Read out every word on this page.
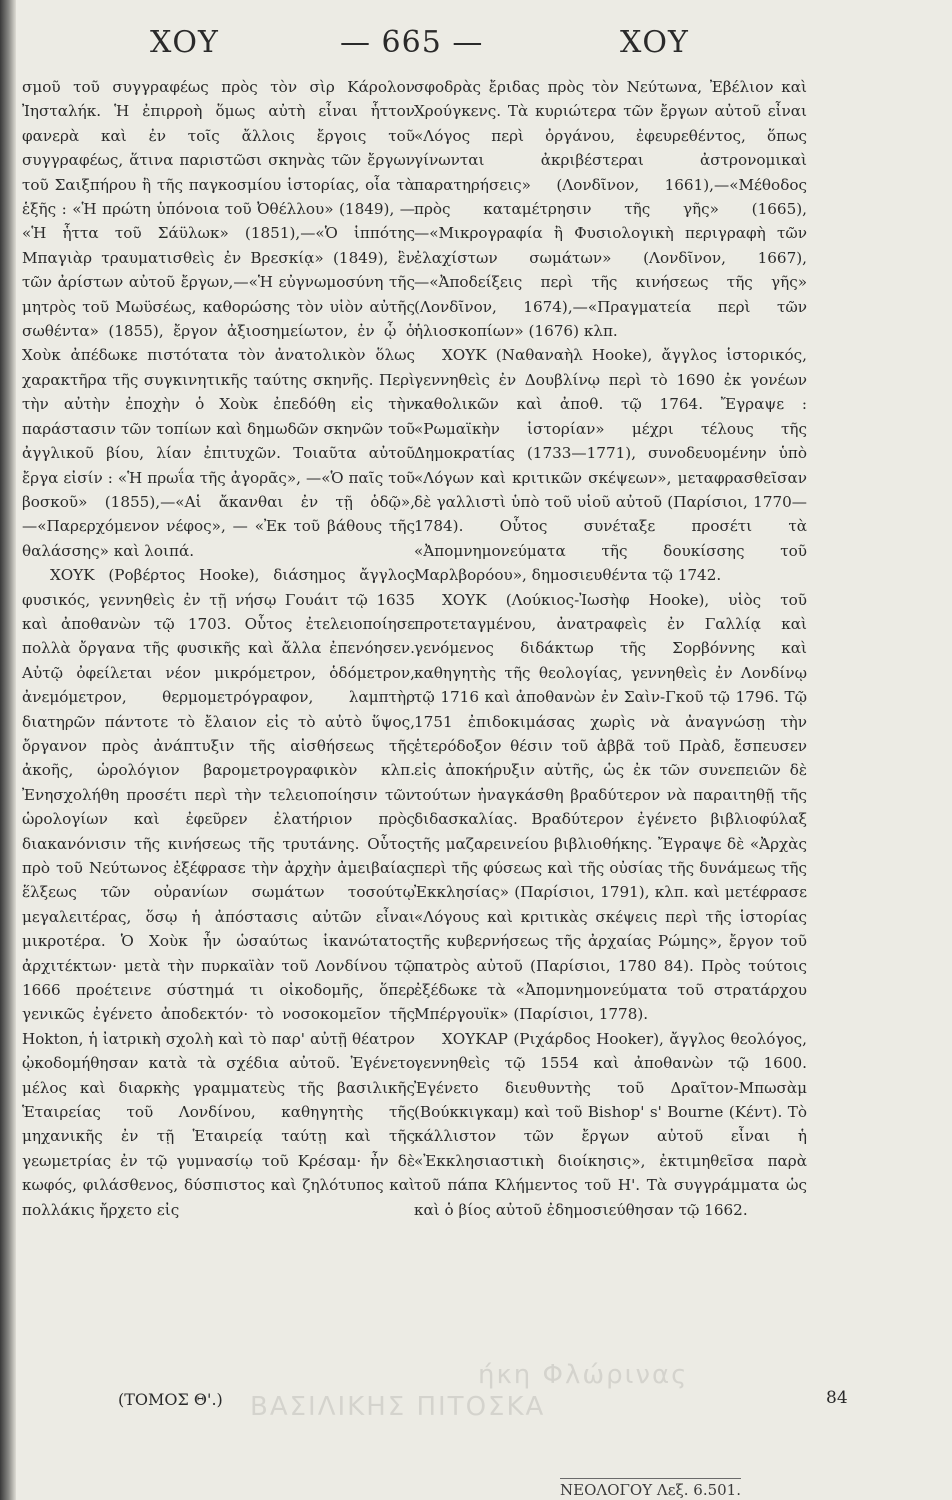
ΧΟΥ	— 665 —	ΧΟΥ

σμοῦ τοῦ συγγραφέως πρὸς τὸν σὶρ Κάρολον Ἰησταλήκ. Ἡ ἐπιρροὴ ὅμως αὐτὴ εἶναι ἧττον φανερὰ καὶ ἐν τοῖς ἄλλοις ἔργοις τοῦ συγγραφέως, ἅτινα παριστῶσι σκηνὰς τῶν ἔργων τοῦ Σαιξπήρου ἢ τῆς παγκοσμίου ἱστορίας, οἷα τὰ ἑξῆς : «Ἡ πρώτη ὑπόνοια τοῦ Ὀθέλλου» (1849), — «Ἡ ἧττα τοῦ Σάϋλωκ» (1851),—«Ὁ ἱππότης Μπαγιὰρ τραυματισθεὶς ἐν Βρεσκίᾳ» (1849), ἓν τῶν ἀρίστων αὐτοῦ ἔργων,—«Ἡ εὐγνωμοσύνη τῆς μητρὸς τοῦ Μωϋσέως, καθορώσης τὸν υἱὸν αὐτῆς σωθέντα» (1855), ἔργον ἀξιοσημείωτον, ἐν ᾧ ὁ Χοὺκ ἀπέδωκε πιστότατα τὸν ἀνατολικὸν ὅλως χαρακτῆρα τῆς συγκινητικῆς ταύτης σκηνῆς. Περὶ τὴν αὐτὴν ἐποχὴν ὁ Χοὺκ ἐπεδόθη εἰς τὴν παράστασιν τῶν τοπίων καὶ δημωδῶν σκηνῶν τοῦ ἀγγλικοῦ βίου, λίαν ἐπιτυχῶν. Τοιαῦτα αὐτοῦ ἔργα εἰσίν : «Ἡ πρωΐα τῆς ἀγορᾶς», —«Ὁ παῖς τοῦ βοσκοῦ» (1855),—«Αἱ ἄκανθαι ἐν τῇ ὁδῷ»,—«Παρερχόμενον νέφος», — «Ἐκ τοῦ βάθους τῆς θαλάσσης» καὶ λοιπά.

ΧΟΥΚ (Ροβέρτος Hooke), διάσημος ἄγγλος φυσικός, γεννηθεὶς ἐν τῇ νήσῳ Γουάιτ τῷ 1635 καὶ ἀποθανὼν τῷ 1703. Οὗτος ἐτελειοποίησε πολλὰ ὄργανα τῆς φυσικῆς καὶ ἄλλα ἐπενόησεν. Αὐτῷ ὀφείλεται νέον μικρόμετρον, ὁδόμετρον, ἀνεμόμετρον, θερμομετρόγραφον, λαμπτὴρ διατηρῶν πάντοτε τὸ ἔλαιον εἰς τὸ αὐτὸ ὕψος, ὄργανον πρὸς ἀνάπτυξιν τῆς αἰσθήσεως τῆς ἀκοῆς, ὡρολόγιον βαρομετρογραφικὸν κλπ. Ἐνησχολήθη προσέτι περὶ τὴν τελειοποίησιν τῶν ὡρολογίων καὶ ἐφεῦρεν ἐλατήριον πρὸς διακανόνισιν τῆς κινήσεως τῆς τρυτάνης. Οὗτος πρὸ τοῦ Νεύτωνος ἐξέφρασε τὴν ἀρχὴν ἀμειβαίας ἕλξεως τῶν οὐρανίων σωμάτων τοσούτῳ μεγαλειτέρας, ὅσῳ ἡ ἀπόστασις αὐτῶν εἶναι μικροτέρα. Ὁ Χοὺκ ἦν ὡσαύτως ἱκανώτατος ἀρχιτέκτων· μετὰ τὴν πυρκαϊὰν τοῦ Λονδίνου τῷ 1666 προέτεινε σύστημά τι οἰκοδομῆς, ὅπερ γενικῶς ἐγένετο ἀποδεκτόν· τὸ νοσοκομεῖον τῆς Hokton, ἡ ἰατρικὴ σχολὴ καὶ τὸ παρ' αὐτῇ θέατρον ᾠκοδομήθησαν κατὰ τὰ σχέδια αὐτοῦ. Ἐγένετο μέλος καὶ διαρκὴς γραμματεὺς τῆς βασιλικῆς Ἑταιρείας τοῦ Λονδίνου, καθηγητὴς τῆς μηχανικῆς ἐν τῇ Ἑταιρείᾳ ταύτῃ καὶ τῆς γεωμετρίας ἐν τῷ γυμνασίῳ τοῦ Κρέσαμ· ἦν δὲ κωφός, φιλάσθενος, δύσπιστος καὶ ζηλότυπος καὶ πολλάκις ἤρχετο εἰς

σφοδρὰς ἔριδας πρὸς τὸν Νεύτωνα, Ἐβέλιον καὶ Χρούγκενς. Τὰ κυριώτερα τῶν ἔργων αὐτοῦ εἶναι «Λόγος περὶ ὀργάνου, ἐφευρεθέντος, ὅπως γίνωνται ἀκριβέστεραι ἀστρονομικαὶ παρατηρήσεις» (Λονδῖνον, 1661),—«Μέθοδος πρὸς καταμέτρησιν τῆς γῆς» (1665),—«Μικρογραφία ἢ Φυσιολογικὴ περιγραφὴ τῶν ἐλαχίστων σωμάτων» (Λονδῖνον, 1667),—«Ἀποδείξεις περὶ τῆς κινήσεως τῆς γῆς» (Λονδῖνον, 1674),—«Πραγματεία περὶ τῶν ἡλιοσκοπίων» (1676) κλπ.

ΧΟΥΚ (Ναθαναὴλ Hooke), ἄγγλος ἱστορικός, γεννηθεὶς ἐν Δουβλίνῳ περὶ τὸ 1690 ἐκ γονέων καθολικῶν καὶ ἀποθ. τῷ 1764. Ἔγραψε : «Ρωμαϊκὴν ἱστορίαν» μέχρι τέλους τῆς Δημοκρατίας (1733—1771), συνοδευομένην ὑπὸ «Λόγων καὶ κριτικῶν σκέψεων», μεταφρασθεῖσαν δὲ γαλλιστὶ ὑπὸ τοῦ υἱοῦ αὐτοῦ (Παρίσιοι, 1770—1784). Οὗτος συνέταξε προσέτι τὰ «Ἀπομνημονεύματα τῆς δουκίσσης τοῦ Μαρλβορόου», δημοσιευθέντα τῷ 1742.

ΧΟΥΚ (Λούκιος-Ἰωσὴφ Hooke), υἱὸς τοῦ προτεταγμένου, ἀνατραφεὶς ἐν Γαλλίᾳ καὶ γενόμενος διδάκτωρ τῆς Σορβόννης καὶ καθηγητὴς τῆς θεολογίας, γεννηθεὶς ἐν Λονδίνῳ τῷ 1716 καὶ ἀποθανὼν ἐν Σαὶν-Γκοῦ τῷ 1796. Τῷ 1751 ἐπιδοκιμάσας χωρὶς νὰ ἀναγνώσῃ τὴν ἑτερόδοξον θέσιν τοῦ ἀββᾶ τοῦ Πρὰδ, ἔσπευσεν εἰς ἀποκήρυξιν αὐτῆς, ὡς ἐκ τῶν συνεπειῶν δὲ τούτων ἠναγκάσθη βραδύτερον νὰ παραιτηθῇ τῆς διδασκαλίας. Βραδύτερον ἐγένετο βιβλιοφύλαξ τῆς μαζαρεινείου βιβλιοθήκης. Ἔγραψε δὲ «Ἀρχὰς περὶ τῆς φύσεως καὶ τῆς οὐσίας τῆς δυνάμεως τῆς Ἐκκλησίας» (Παρίσιοι, 1791), κλπ. καὶ μετέφρασε «Λόγους καὶ κριτικὰς σκέψεις περὶ τῆς ἱστορίας τῆς κυβερνήσεως τῆς ἀρχαίας Ρώμης», ἔργον τοῦ πατρὸς αὐτοῦ (Παρίσιοι, 1780 84). Πρὸς τούτοις ἐξέδωκε τὰ «Ἀπομνημονεύματα τοῦ στρατάρχου Μπέργουϊκ» (Παρίσιοι, 1778).

ΧΟΥΚΑΡ (Ριχάρδος Hooker), ἄγγλος θεολόγος, γεννηθεὶς τῷ 1554 καὶ ἀποθανὼν τῷ 1600. Ἐγένετο διευθυντὴς τοῦ Δραῖτον-Μπωσὰμ (Βούκκιγκαμ) καὶ τοῦ Bishop' s' Bourne (Κέντ). Τὸ κάλλιστον τῶν ἔργων αὐτοῦ εἶναι ἡ «Ἐκκλησιαστικὴ διοίκησις», ἐκτιμηθεῖσα παρὰ τοῦ πάπα Κλήμεντος τοῦ Η'. Τὰ συγγράμματα ὡς καὶ ὁ βίος αὐτοῦ ἐδημοσιεύθησαν τῷ 1662.

ήκη Φλώρινας
ΒΑΣΙΛΙΚΗΣ ΠΙΤΟΣΚΑ
(ΤΟΜΟΣ Θ'.)	84
ΝΕΟΛΟΓΟΥ Λεξ. 6.501.
